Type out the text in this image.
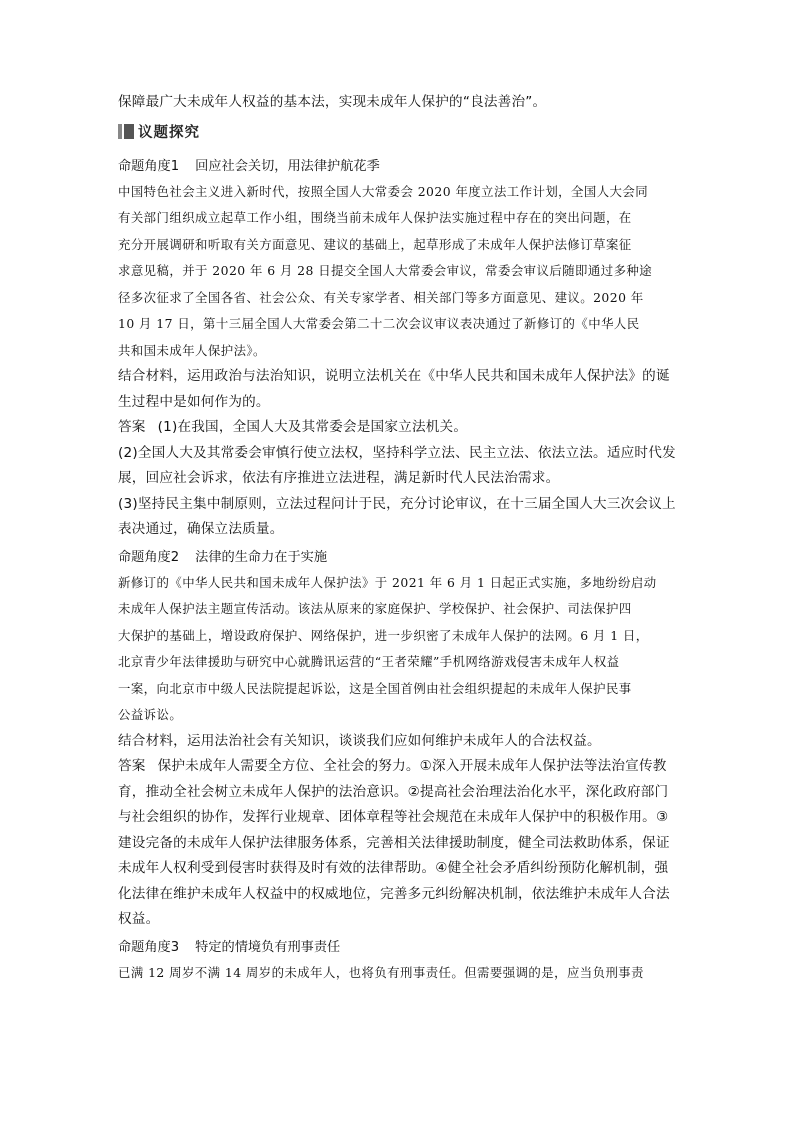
保障最广大未成年人权益的基本法，实现未成年人保护的“良法善治”。
议题探究
命题角度1 回应社会关切，用法律护航花季
中国特色社会主义进入新时代，按照全国人大常委会 2020 年度立法工作计划，全国人大会同
有关部门组织成立起草工作小组，围绕当前未成年人保护法实施过程中存在的突出问题，在
充分开展调研和听取有关方面意见、建议的基础上，起草形成了未成年人保护法修订草案征
求意见稿，并于 2020 年 6 月 28 日提交全国人大常委会审议，常委会审议后随即通过多种途
径多次征求了全国各省、社会公众、有关专家学者、相关部门等多方面意见、建议。2020 年
10 月 17 日，第十三届全国人大常委会第二十二次会议审议表决通过了新修订的《中华人民
共和国未成年人保护法》。
结合材料，运用政治与法治知识，说明立法机关在《中华人民共和国未成年人保护法》的诞
生过程中是如何作为的。
答案 (1)在我国，全国人大及其常委会是国家立法机关。
(2)全国人大及其常委会审慎行使立法权，坚持科学立法、民主立法、依法立法。适应时代发
展，回应社会诉求，依法有序推进立法进程，满足新时代人民法治需求。
(3)坚持民主集中制原则，立法过程问计于民，充分讨论审议，在十三届全国人大三次会议上
表决通过，确保立法质量。
命题角度2 法律的生命力在于实施
新修订的《中华人民共和国未成年人保护法》于 2021 年 6 月 1 日起正式实施，多地纷纷启动
未成年人保护法主题宣传活动。该法从原来的家庭保护、学校保护、社会保护、司法保护四
大保护的基础上，增设政府保护、网络保护，进一步织密了未成年人保护的法网。6 月 1 日，
北京青少年法律援助与研究中心就腾讯运营的“王者荣耀”手机网络游戏侵害未成年人权益
一案，向北京市中级人民法院提起诉讼，这是全国首例由社会组织提起的未成年人保护民事
公益诉讼。
结合材料，运用法治社会有关知识，谈谈我们应如何维护未成年人的合法权益。
答案 保护未成年人需要全方位、全社会的努力。①深入开展未成年人保护法等法治宣传教
育，推动全社会树立未成年人保护的法治意识。②提高社会治理法治化水平，深化政府部门
与社会组织的协作，发挥行业规章、团体章程等社会规范在未成年人保护中的积极作用。③
建设完备的未成年人保护法律服务体系，完善相关法律援助制度，健全司法救助体系，保证
未成年人权利受到侵害时获得及时有效的法律帮助。④健全社会矛盾纠纷预防化解机制，强
化法律在维护未成年人权益中的权威地位，完善多元纠纷解决机制，依法维护未成年人合法
权益。
命题角度3 特定的情境负有刑事责任
已满 12 周岁不满 14 周岁的未成年人，也将负有刑事责任。但需要强调的是，应当负刑事责
